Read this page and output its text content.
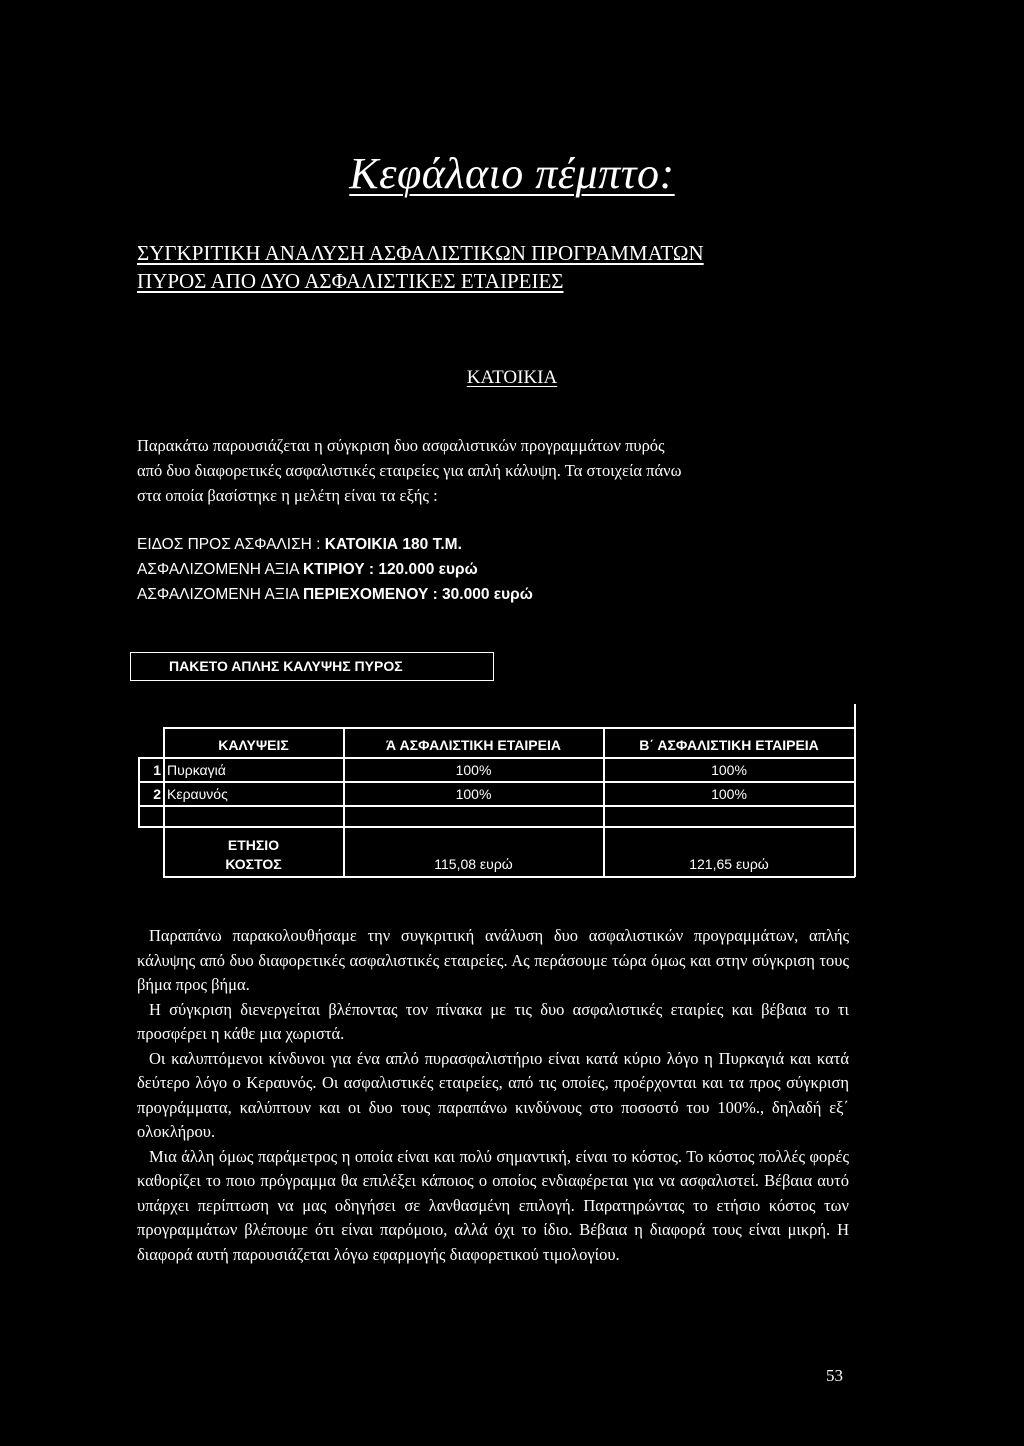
Κεφάλαιο πέμπτο:
ΣΥΓΚΡΙΤΙΚΗ ΑΝΑΛΥΣΗ ΑΣΦΑΛΙΣΤΙΚΩΝ ΠΡΟΓΡΑΜΜΑΤΩΝ
ΠΥΡΟΣ ΑΠΟ ΔΥΟ ΑΣΦΑΛΙΣΤΙΚΕΣ ΕΤΑΙΡΕΙΕΣ
ΚΑΤΟΙΚΙΑ
Παρακάτω παρουσιάζεται η σύγκριση δυο ασφαλιστικών προγραμμάτων πυρός
από δυο διαφορετικές ασφαλιστικές εταιρείες για απλή κάλυψη. Τα στοιχεία πάνω
στα οποία βασίστηκε η μελέτη είναι τα εξής :
ΕΙΔΟΣ ΠΡΟΣ ΑΣΦΑΛΙΣΗ : ΚΑΤΟΙΚΙΑ 180 Τ.Μ.
ΑΣΦΑΛΙΖΟΜΕΝΗ ΑΞΙΑ ΚΤΙΡΙΟΥ : 120.000 ευρώ
ΑΣΦΑΛΙΖΟΜΕΝΗ ΑΞΙΑ ΠΕΡΙΕΧΟΜΕΝΟΥ : 30.000 ευρώ
ΠΑΚΕΤΟ ΑΠΛΗΣ ΚΑΛΥΨΗΣ ΠΥΡΟΣ
ΚΑΛΥΨΕΙΣ	Ά ΑΣΦΑΛΙΣΤΙΚΗ ΕΤΑΙΡΕΙΑ	Β΄ ΑΣΦΑΛΙΣΤΙΚΗ ΕΤΑΙΡΕΙΑ
1 Πυρκαγιά	100%	100%
2 Κεραυνός	100%	100%
ΕΤΗΣΙΟ
ΚΟΣΤΟΣ	115,08 ευρώ	121,65 ευρώ
Παραπάνω παρακολουθήσαμε την συγκριτική ανάλυση δυο ασφαλιστικών προγραμμάτων, απλής κάλυψης από δυο διαφορετικές ασφαλιστικές εταιρείες. Ας περάσουμε τώρα όμως και στην σύγκριση τους βήμα προς βήμα.
Η σύγκριση διενεργείται βλέποντας τον πίνακα με τις δυο ασφαλιστικές εταιρίες και βέβαια το τι προσφέρει η κάθε μια χωριστά.
Οι καλυπτόμενοι κίνδυνοι για ένα απλό πυρασφαλιστήριο είναι κατά κύριο λόγο η Πυρκαγιά και κατά δεύτερο λόγο ο Κεραυνός. Οι ασφαλιστικές εταιρείες, από τις οποίες, προέρχονται και τα προς σύγκριση προγράμματα, καλύπτουν και οι δυο τους παραπάνω κινδύνους στο ποσοστό του 100%., δηλαδή εξ΄ ολοκλήρου.
Μια άλλη όμως παράμετρος η οποία είναι και πολύ σημαντική, είναι το κόστος. Το κόστος πολλές φορές καθορίζει το ποιο πρόγραμμα θα επιλέξει κάποιος ο οποίος ενδιαφέρεται για να ασφαλιστεί. Βέβαια αυτό υπάρχει περίπτωση να μας οδηγήσει σε λανθασμένη επιλογή. Παρατηρώντας το ετήσιο κόστος των προγραμμάτων βλέπουμε ότι είναι παρόμοιο, αλλά όχι το ίδιο. Βέβαια η διαφορά τους είναι μικρή. Η διαφορά αυτή παρουσιάζεται λόγω εφαρμογής διαφορετικού τιμολογίου.
53
